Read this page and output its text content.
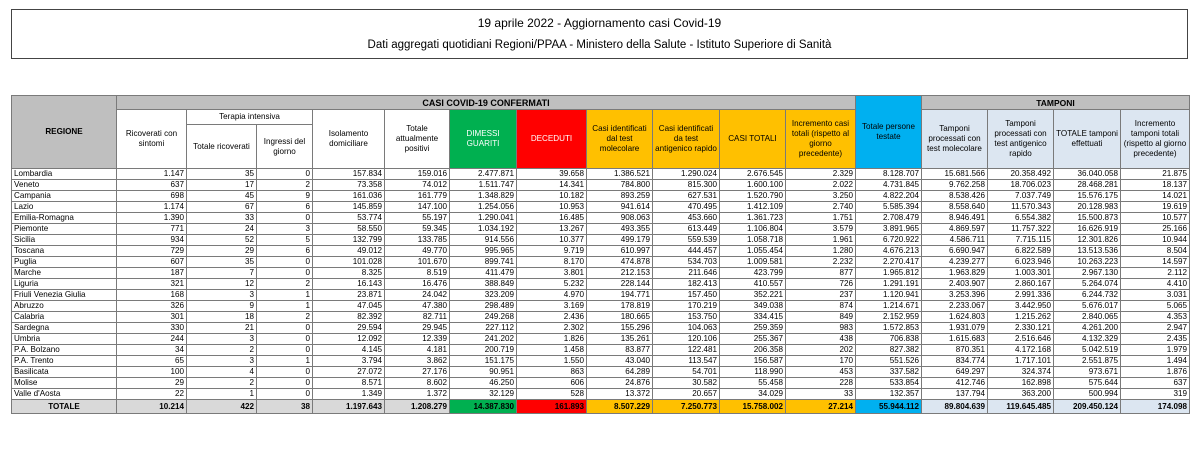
19 aprile 2022 - Aggiornamento casi Covid-19
Dati aggregati quotidiani Regioni/PPAA - Ministero della Salute - Istituto Superiore di Sanità
REGIONE	CASI COVID-19 CONFERMATI											Totale persone testate	TAMPONI			
	Ricoverati con sintomi	Terapia intensiva		Isolamento domiciliare	Totale attualmente positivi	DIMESSI GUARITI	DECEDUTI	Casi identificati dal test molecolare	Casi identificati da test antigenico rapido	CASI TOTALI	Incremento casi totali (rispetto al giorno precedente)		Tamponi processati con test molecolare	Tamponi processati con test antigenico rapido	TOTALE tamponi effettuati	Incremento tamponi totali (rispetto al giorno precedente)
		Totale ricoverati	Ingressi del giorno													
Lombardia	1.147	35	0	157.834	159.016	2.477.871	39.658	1.386.521	1.290.024	2.676.545	2.329	8.128.707	15.681.566	20.358.492	36.040.058	21.875
Veneto	637	17	2	73.358	74.012	1.511.747	14.341	784.800	815.300	1.600.100	2.022	4.731.845	9.762.258	18.706.023	28.468.281	18.137
Campania	698	45	9	161.036	161.779	1.348.829	10.182	893.259	627.531	1.520.790	3.250	4.822.204	8.538.426	7.037.749	15.576.175	14.021
Lazio	1.174	67	6	145.859	147.100	1.254.056	10.953	941.614	470.495	1.412.109	2.740	5.585.394	8.558.640	11.570.343	20.128.983	19.619
Emilia-Romagna	1.390	33	0	53.774	55.197	1.290.041	16.485	908.063	453.660	1.361.723	1.751	2.708.479	8.946.491	6.554.382	15.500.873	10.577
Piemonte	771	24	3	58.550	59.345	1.034.192	13.267	493.355	613.449	1.106.804	3.579	3.891.965	4.869.597	11.757.322	16.626.919	25.166
Sicilia	934	52	5	132.799	133.785	914.556	10.377	499.179	559.539	1.058.718	1.961	6.720.922	4.586.711	7.715.115	12.301.826	10.944
Toscana	729	29	6	49.012	49.770	995.965	9.719	610.997	444.457	1.055.454	1.280	4.676.213	6.690.947	6.822.589	13.513.536	8.504
Puglia	607	35	0	101.028	101.670	899.741	8.170	474.878	534.703	1.009.581	2.232	2.270.417	4.239.277	6.023.946	10.263.223	14.597
Marche	187	7	0	8.325	8.519	411.479	3.801	212.153	211.646	423.799	877	1.965.812	1.963.829	1.003.301	2.967.130	2.112
Liguria	321	12	2	16.143	16.476	388.849	5.232	228.144	182.413	410.557	726	1.291.191	2.403.907	2.860.167	5.264.074	4.410
Friuli Venezia Giulia	168	3	1	23.871	24.042	323.209	4.970	194.771	157.450	352.221	237	1.120.941	3.253.396	2.991.336	6.244.732	3.031
Abruzzo	326	9	1	47.045	47.380	298.489	3.169	178.819	170.219	349.038	874	1.214.671	2.233.067	3.442.950	5.676.017	5.065
Calabria	301	18	2	82.392	82.711	249.268	2.436	180.665	153.750	334.415	849	2.152.959	1.624.803	1.215.262	2.840.065	4.353
Sardegna	330	21	0	29.594	29.945	227.112	2.302	155.296	104.063	259.359	983	1.572.853	1.931.079	2.330.121	4.261.200	2.947
Umbria	244	3	0	12.092	12.339	241.202	1.826	135.261	120.106	255.367	438	706.838	1.615.683	2.516.646	4.132.329	2.435
P.A. Bolzano	34	2	0	4.145	4.181	200.719	1.458	83.877	122.481	206.358	202	827.382	870.351	4.172.168	5.042.519	1.979
P.A. Trento	65	3	1	3.794	3.862	151.175	1.550	43.040	113.547	156.587	170	551.526	834.774	1.717.101	2.551.875	1.494
Basilicata	100	4	0	27.072	27.176	90.951	863	64.289	54.701	118.990	453	337.582	649.297	324.374	973.671	1.876
Molise	29	2	0	8.571	8.602	46.250	606	24.876	30.582	55.458	228	533.854	412.746	162.898	575.644	637
Valle d'Aosta	22	1	0	1.349	1.372	32.129	528	13.372	20.657	34.029	33	132.357	137.794	363.200	500.994	319
TOTALE	10.214	422	38	1.197.643	1.208.279	14.387.830	161.893	8.507.229	7.250.773	15.758.002	27.214	55.944.112	89.804.639	119.645.485	209.450.124	174.098
